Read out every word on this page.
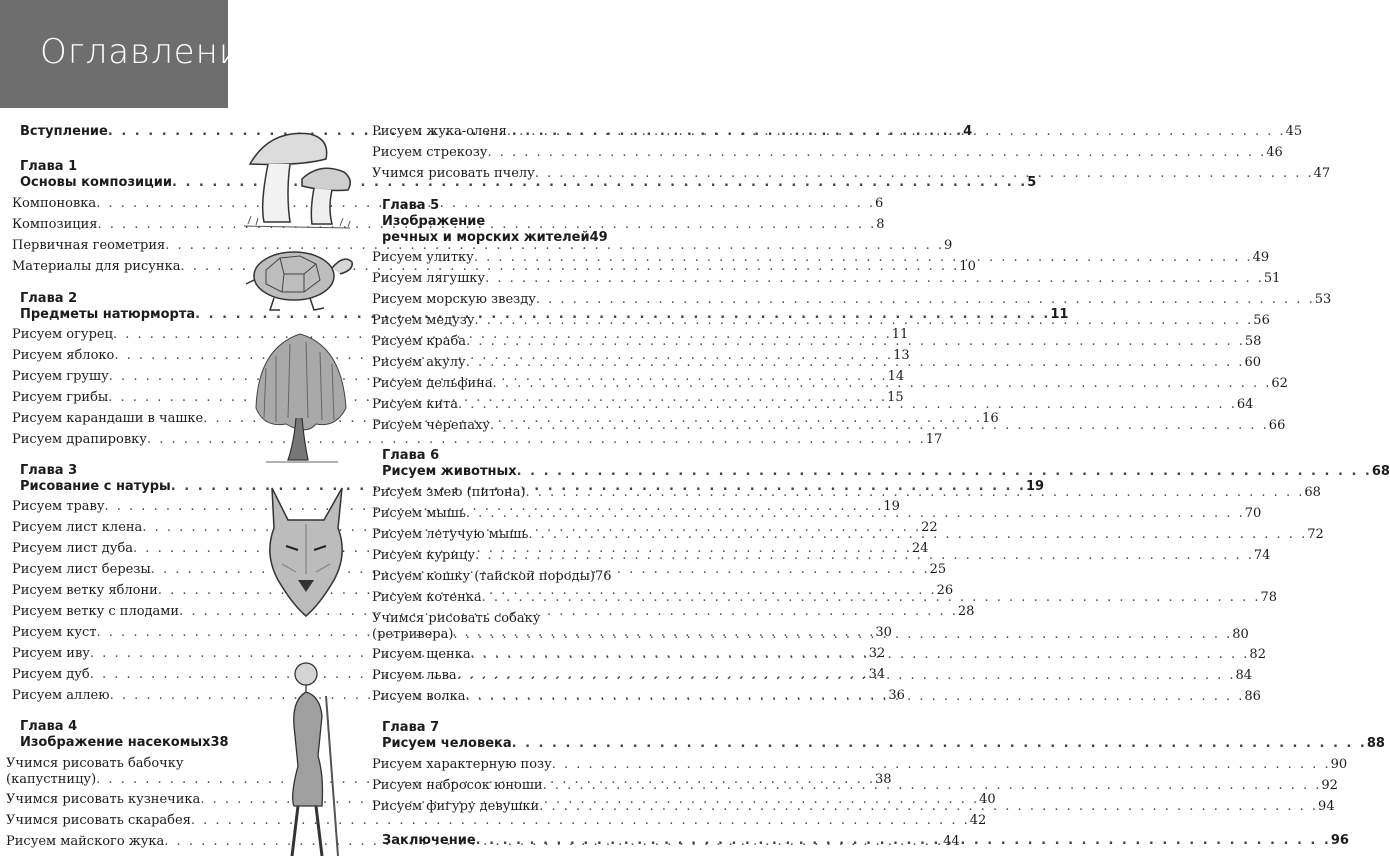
Оглавление
Вступление . . .	4
Глава 1
Основы композиции . . .	5
Компоновка . . .	6
Композиция . . .	8
Первичная геометрия . . .	9
Материалы для рисунка . . .	10
Глава 2
Предметы натюрморта . . .	11
Рисуем огурец . . .	11
Рисуем яблоко . . .	13
Рисуем грушу . . .	14
Рисуем грибы . . .	15
Рисуем карандаши в чашке . . .	16
Рисуем драпировку . . .	17
Глава 3
Рисование с натуры . . .	19
Рисуем траву . . .	19
Рисуем лист клена . . .	22
Рисуем лист дуба . . .	24
Рисуем лист березы . . .	25
Рисуем ветку яблони . . .	26
Рисуем ветку с плодами . . .	28
Рисуем куст . . .	30
Рисуем иву . . .	32
Рисуем дуб . . .	34
Рисуем аллею . . .	36
Глава 4
Изображение насекомых 38
Учимся рисовать бабочку
(капустницу) . . .	38
Учимся рисовать кузнечика . . .	40
Учимся рисовать скарабея . . .	42
Рисуем майского жука . . .	44
Рисуем жука-оленя . . .	45
Рисуем стрекозу . . .	46
Учимся рисовать пчелу . . .	47
Глава 5
Изображение
речных и морских жителей 49
Рисуем улитку . . .	49
Рисуем лягушку . . .	51
Рисуем морскую звезду . . .	53
Рисуем медузу . . .	56
Рисуем краба . . .	58
Рисуем акулу . . .	60
Рисуем дельфина . . .	62
Рисуем кита . . .	64
Рисуем черепаху . . .	66
Глава 6
Рисуем животных . . .	68
Рисуем змею (питона) . . .	68
Рисуем мышь . . .	70
Рисуем летучую мышь . . .	72
Рисуем курицу . . .	74
Рисуем кошку (тайской породы) 76
Рисуем котенка . . .	78
Учимся рисовать собаку
(ретривера) . . .	80
Рисуем щенка . . .	82
Рисуем льва . . .	84
Рисуем волка . . .	86
Глава 7
Рисуем человека . . .	88
Рисуем характерную позу . . .	90
Рисуем набросок юноши . . .	92
Рисуем фигуру девушки . . .	94
Заключение . . .	96
